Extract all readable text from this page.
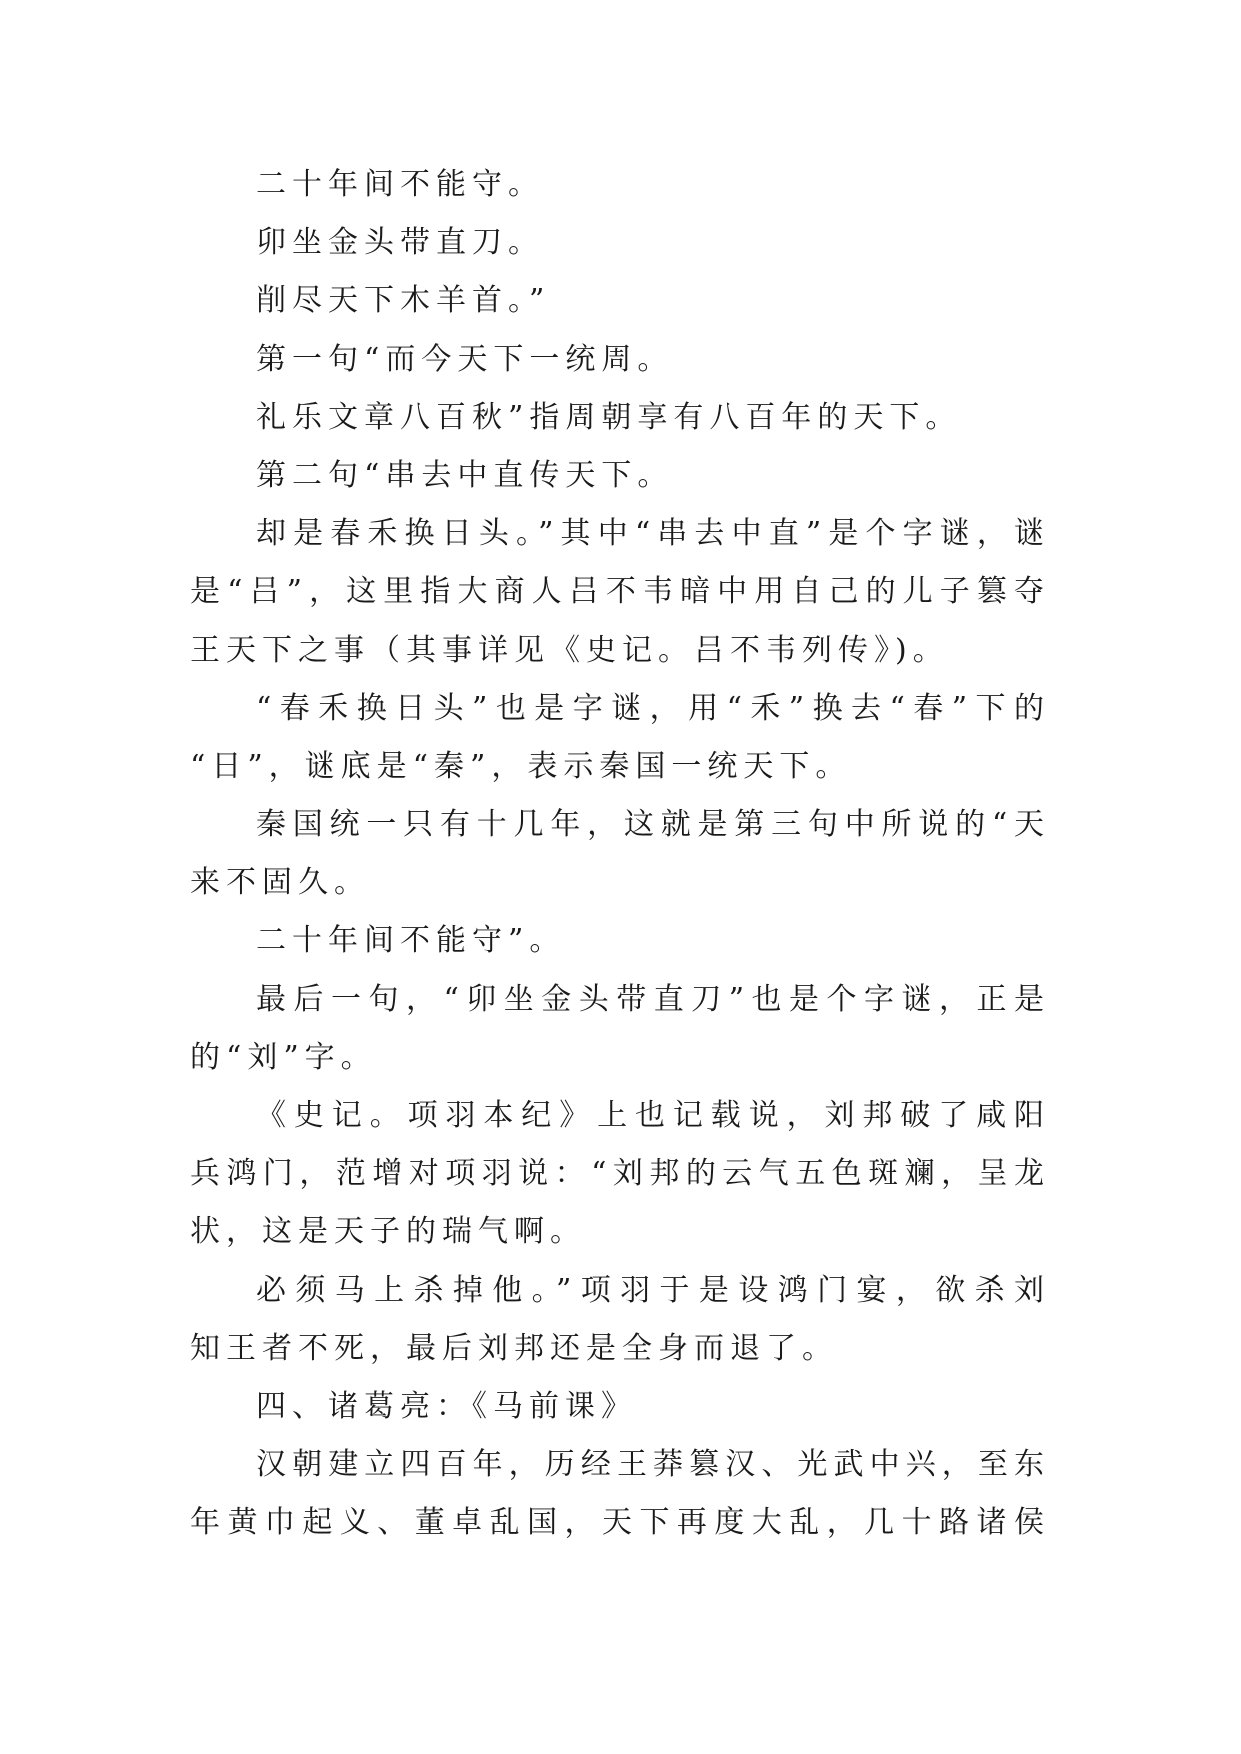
二十年间不能守。
卯坐金头带直刀。
削尽天下木羊首。”
第一句“而今天下一统周。
礼乐文章八百秋”指周朝享有八百年的天下。
第二句“串去中直传天下。
却是春禾换日头。”其中“串去中直”是个字谜，谜
是“吕”，这里指大商人吕不韦暗中用自己的儿子篡夺
王天下之事（其事详见《史记。吕不韦列传》)。
“春禾换日头”也是字谜，用“禾”换去“春”下的
“日”，谜底是“秦”，表示秦国一统天下。
秦国统一只有十几年，这就是第三句中所说的“天
来不固久。
二十年间不能守”。
最后一句，“卯坐金头带直刀”也是个字谜，正是
的“刘”字。
《史记。项羽本纪》上也记载说，刘邦破了咸阳
兵鸿门，范增对项羽说：“刘邦的云气五色斑斓，呈龙
状，这是天子的瑞气啊。
必须马上杀掉他。”项羽于是设鸿门宴，欲杀刘
知王者不死，最后刘邦还是全身而退了。
四、诸葛亮：《马前课》
汉朝建立四百年，历经王莽篡汉、光武中兴，至东
年黄巾起义、董卓乱国，天下再度大乱，几十路诸侯
